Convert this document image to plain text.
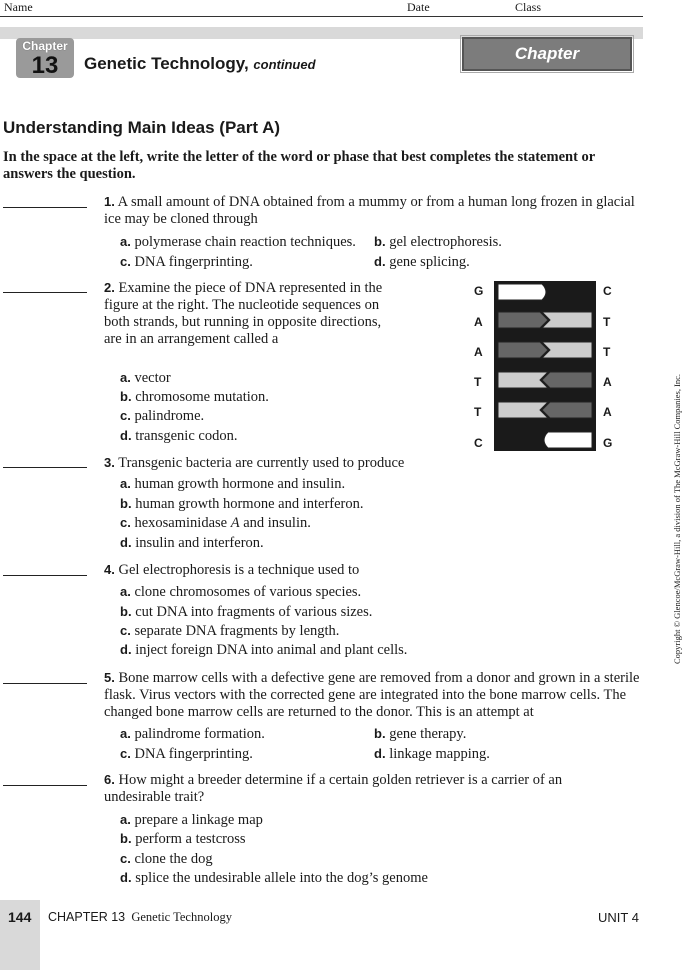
Name	Date	Class
Chapter
13	Genetic Technology, continued
Chapter Assessment
Understanding Main Ideas (Part A)
In the space at the left, write the letter of the word or phase that best completes the statement or answers the question.
1. A small amount of DNA obtained from a mummy or from a human long frozen in glacial ice may be cloned through
a. polymerase chain reaction techniques. b. gel electrophoresis.
c. DNA fingerprinting.	d. gene splicing.
2. Examine the piece of DNA represented in the figure at the right. The nucleotide sequences on both strands, but running in opposite directions, are in an arrangement called a
a. vector
b. chromosome mutation.
c. palindrome.
d. transgenic codon.
G
A
A
T
T
C
C
T
T
A
A
G
3. Transgenic bacteria are currently used to produce
a. human growth hormone and insulin.
b. human growth hormone and interferon.
c. hexosaminidase A and insulin.
d. insulin and interferon.
4. Gel electrophoresis is a technique used to
a. clone chromosomes of various species.
b. cut DNA into fragments of various sizes.
c. separate DNA fragments by length.
d. inject foreign DNA into animal and plant cells.
5. Bone marrow cells with a defective gene are removed from a donor and grown in a sterile flask. Virus vectors with the corrected gene are integrated into the bone marrow cells. The changed bone marrow cells are returned to the donor. This is an attempt at
a. palindrome formation.	b. gene therapy.
c. DNA fingerprinting.	d. linkage mapping.
6. How might a breeder determine if a certain golden retriever is a carrier of an undesirable trait?
a. prepare a linkage map
b. perform a testcross
c. clone the dog
d. splice the undesirable allele into the dog’s genome
Copyright © Glencoe/McGraw-Hill, a division of The McGraw-Hill Companies, Inc.
144 CHAPTER 13 Genetic Technology	UNIT 4
